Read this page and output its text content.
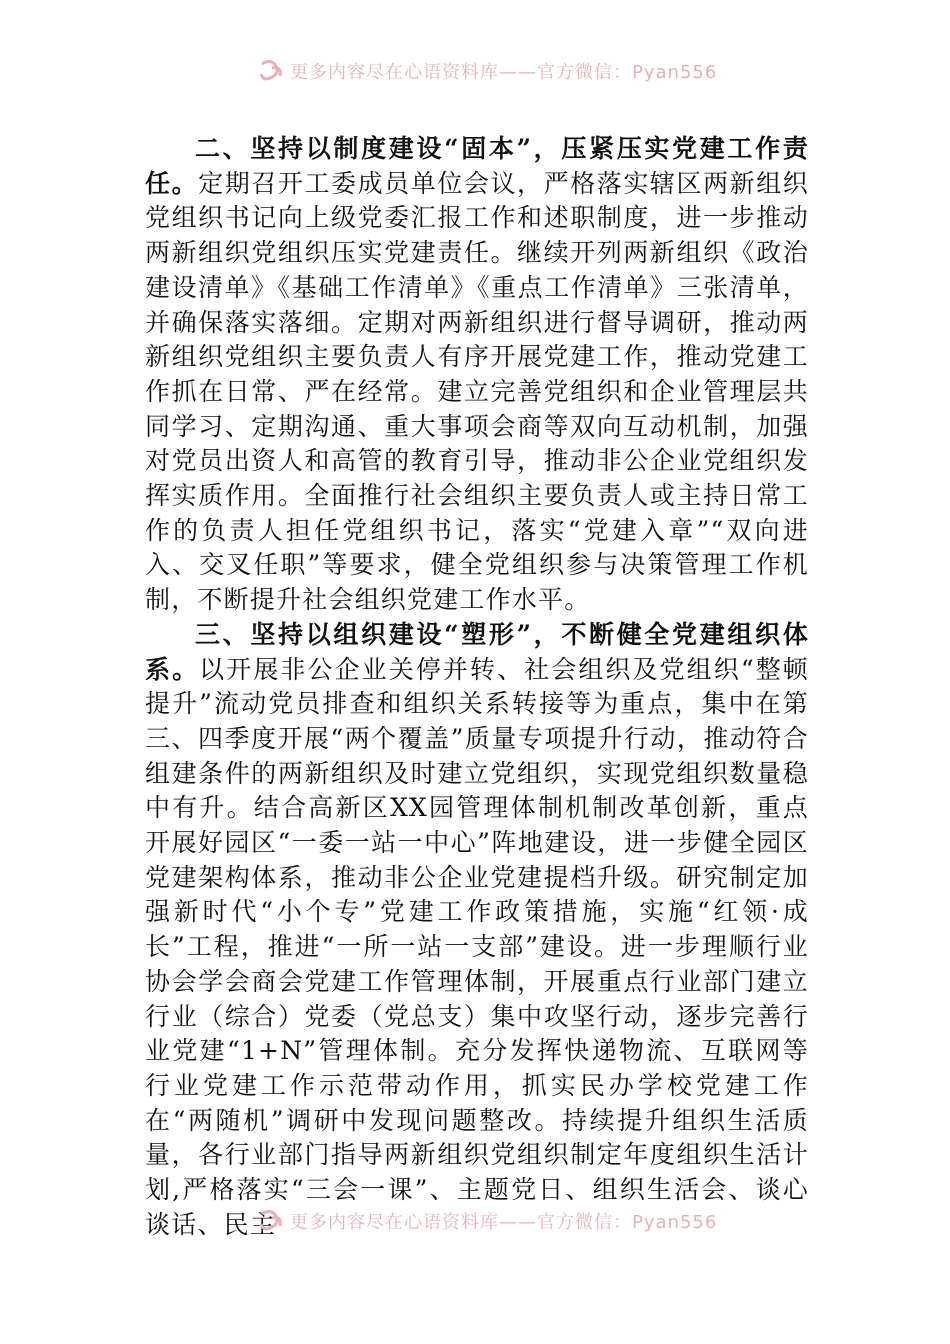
更多内容尽在心语资料库——官方微信：Pyan556

二、坚持以制度建设“固本”，压紧压实党建工作责任。定期召开工委成员单位会议，严格落实辖区两新组织党组织书记向上级党委汇报工作和述职制度，进一步推动两新组织党组织压实党建责任。继续开列两新组织《政治建设清单》《基础工作清单》《重点工作清单》三张清单，并确保落实落细。定期对两新组织进行督导调研，推动两新组织党组织主要负责人有序开展党建工作，推动党建工作抓在日常、严在经常。建立完善党组织和企业管理层共同学习、定期沟通、重大事项会商等双向互动机制，加强对党员出资人和高管的教育引导，推动非公企业党组织发挥实质作用。全面推行社会组织主要负责人或主持日常工作的负责人担任党组织书记，落实“党建入章”“双向进入、交叉任职”等要求，健全党组织参与决策管理工作机制，不断提升社会组织党建工作水平。

三、坚持以组织建设“塑形”，不断健全党建组织体系。以开展非公企业关停并转、社会组织及党组织“整顿提升”流动党员排查和组织关系转接等为重点，集中在第三、四季度开展“两个覆盖”质量专项提升行动，推动符合组建条件的两新组织及时建立党组织，实现党组织数量稳中有升。结合高新区XX园管理体制机制改革创新，重点开展好园区“一委一站一中心”阵地建设，进一步健全园区党建架构体系，推动非公企业党建提档升级。研究制定加强新时代“小个专”党建工作政策措施，实施“红领·成长”工程，推进“一所一站一支部”建设。进一步理顺行业协会学会商会党建工作管理体制，开展重点行业部门建立行业（综合）党委（党总支）集中攻坚行动，逐步完善行业党建“1+N”管理体制。充分发挥快递物流、互联网等行业党建工作示范带动作用，抓实民办学校党建工作在“两随机”调研中发现问题整改。持续提升组织生活质量，各行业部门指导两新组织党组织制定年度组织生活计划,严格落实“三会一课”、主题党日、组织生活会、谈心谈话、民主 更多内容尽在心语资料库——官方微信：Pyan556
